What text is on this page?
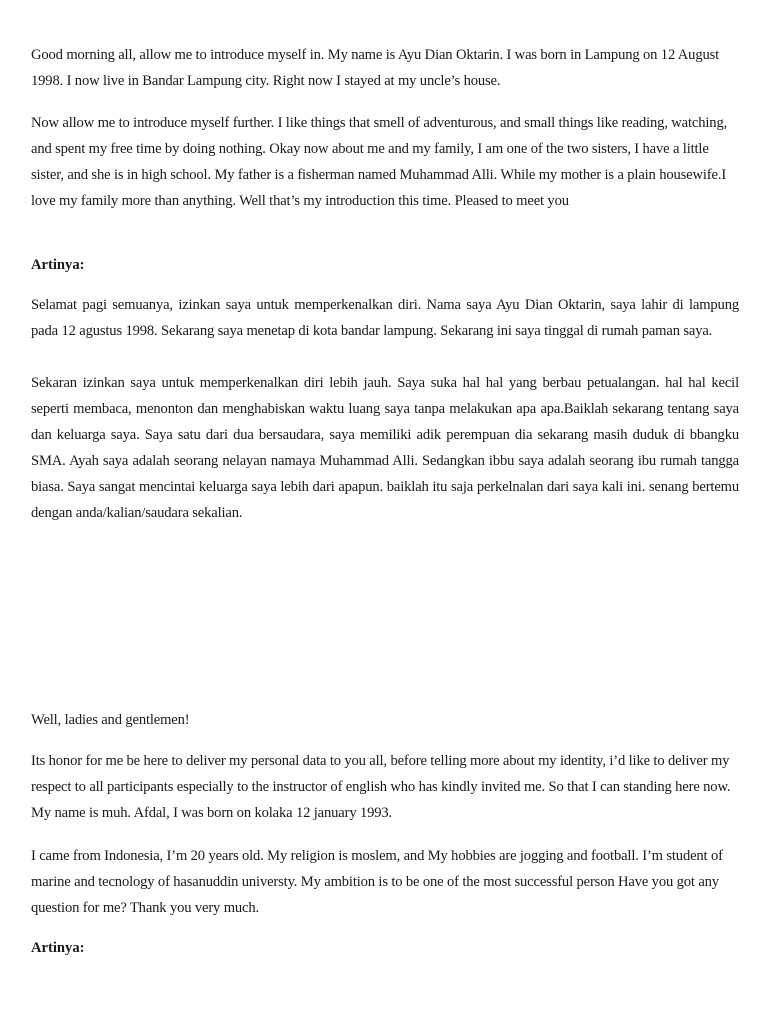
Good morning all, allow me to introduce myself in. My name is Ayu Dian Oktarin. I was born in Lampung on 12 August 1998. I now live in Bandar Lampung city. Right now I stayed at my uncle’s house.

Now allow me to introduce myself further. I like things that smell of adventurous, and small things like reading, watching, and spent my free time by doing nothing. Okay now about me and my family, I am one of the two sisters, I have a little sister, and she is in high school. My father is a fisherman named Muhammad Alli. While my mother is a plain housewife.I love my family more than anything. Well that’s my introduction this time. Pleased to meet you

Artinya:

Selamat pagi semuanya, izinkan saya untuk memperkenalkan diri. Nama saya Ayu Dian Oktarin, saya lahir di lampung pada 12 agustus 1998. Sekarang saya menetap di kota bandar lampung. Sekarang ini saya tinggal di rumah paman saya.

Sekaran izinkan saya untuk memperkenalkan diri lebih jauh. Saya suka hal hal yang berbau petualangan. hal hal kecil seperti membaca, menonton dan menghabiskan waktu luang saya tanpa melakukan apa apa.Baiklah sekarang tentang saya dan keluarga saya. Saya satu dari dua bersaudara, saya memiliki adik perempuan dia sekarang masih duduk di bbangku SMA. Ayah saya adalah seorang nelayan namaya Muhammad Alli. Sedangkan ibbu saya adalah seorang ibu rumah tangga biasa. Saya sangat mencintai keluarga saya lebih dari apapun. baiklah itu saja perkelnalan dari saya kali ini. senang bertemu dengan anda/kalian/saudara sekalian.

Well, ladies and gentlemen!

Its honor for me be here to deliver my personal data to you all, before telling more about my identity, i’d like to deliver my respect to all participants especially to the instructor of english who has kindly invited me. So that I can standing here now. My name is muh. Afdal, I was born on kolaka 12 january 1993.

I came from Indonesia, I’m 20 years old. My religion is moslem, and My hobbies are jogging and football. I’m student of marine and tecnology of hasanuddin universty. My ambition is to be one of the most successful person Have you got any question for me? Thank you very much.

Artinya:
